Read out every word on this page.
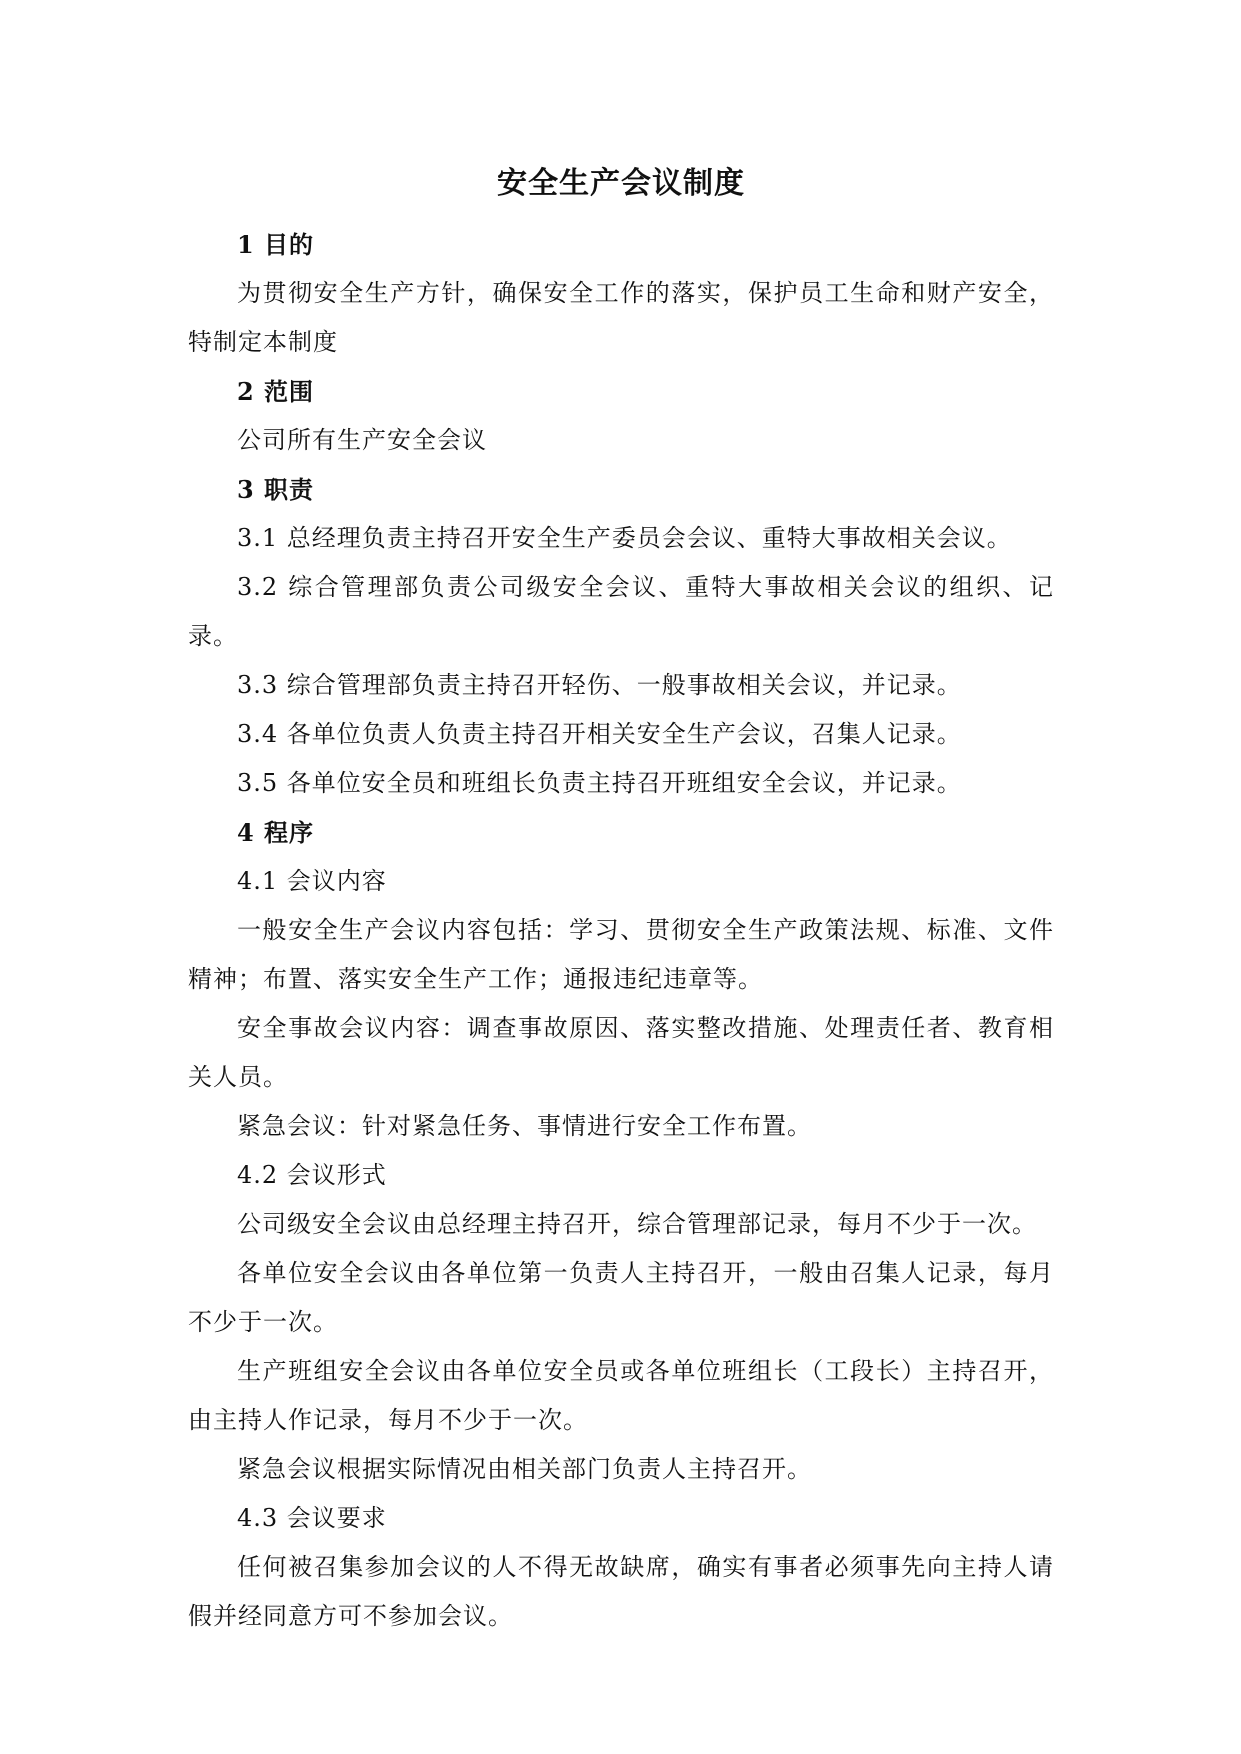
安全生产会议制度

1 目的

为贯彻安全生产方针，确保安全工作的落实，保护员工生命和财产安全，特制定本制度

2 范围

公司所有生产安全会议

3 职责

3.1 总经理负责主持召开安全生产委员会会议、重特大事故相关会议。

3.2 综合管理部负责公司级安全会议、重特大事故相关会议的组织、记录。

3.3 综合管理部负责主持召开轻伤、一般事故相关会议，并记录。

3.4 各单位负责人负责主持召开相关安全生产会议，召集人记录。

3.5 各单位安全员和班组长负责主持召开班组安全会议，并记录。

4 程序

4.1 会议内容

一般安全生产会议内容包括：学习、贯彻安全生产政策法规、标准、文件精神；布置、落实安全生产工作；通报违纪违章等。

安全事故会议内容：调查事故原因、落实整改措施、处理责任者、教育相关人员。

紧急会议：针对紧急任务、事情进行安全工作布置。

4.2 会议形式

公司级安全会议由总经理主持召开，综合管理部记录，每月不少于一次。

各单位安全会议由各单位第一负责人主持召开，一般由召集人记录，每月不少于一次。

生产班组安全会议由各单位安全员或各单位班组长（工段长）主持召开，由主持人作记录，每月不少于一次。

紧急会议根据实际情况由相关部门负责人主持召开。

4.3 会议要求

任何被召集参加会议的人不得无故缺席，确实有事者必须事先向主持人请假并经同意方可不参加会议。
